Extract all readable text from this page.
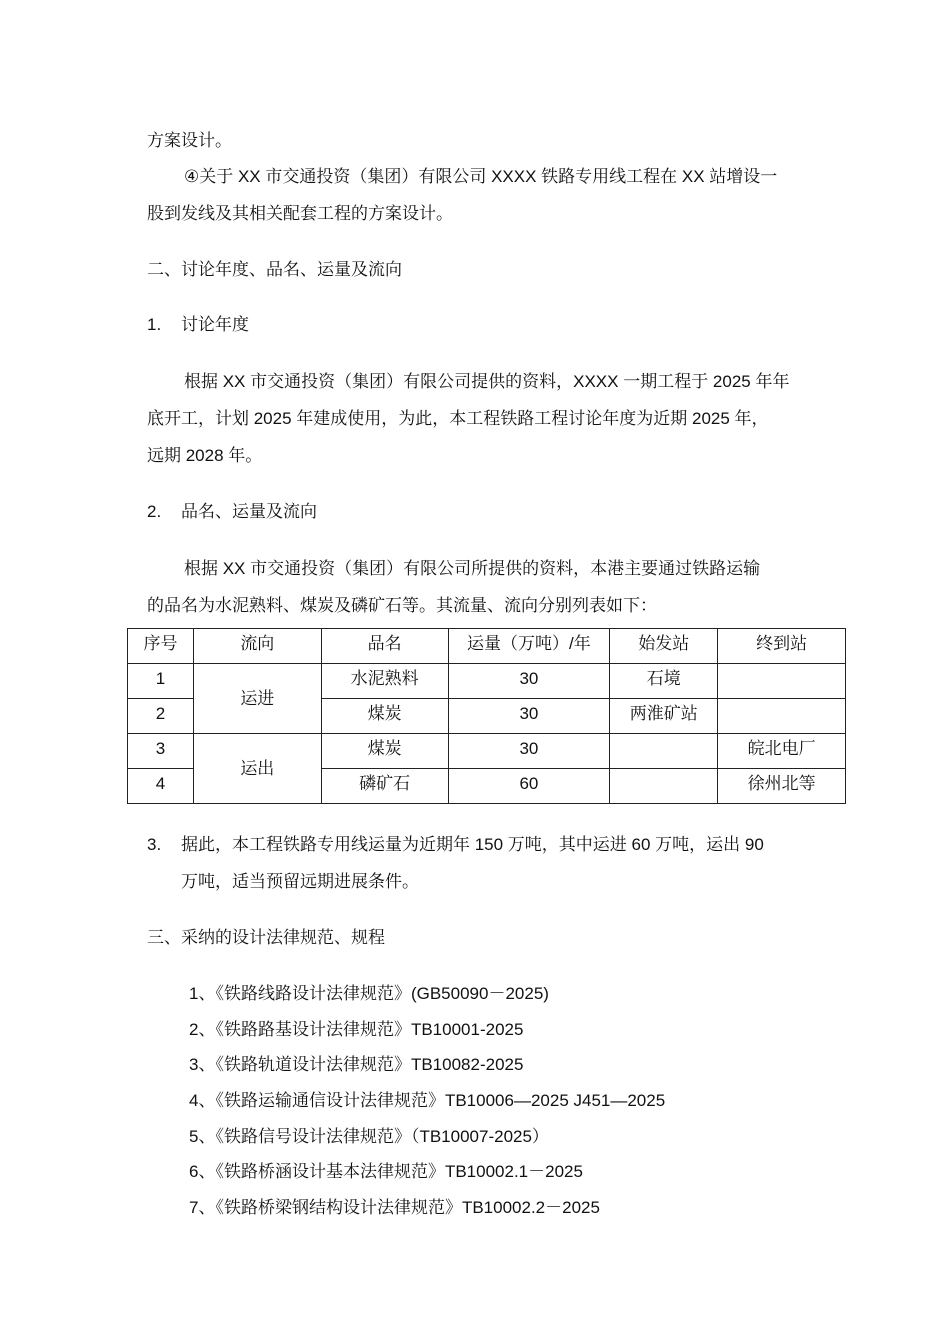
方案设计。
④关于 XX 市交通投资（集团）有限公司 XXXX 铁路专用线工程在 XX 站增设一
股到发线及其相关配套工程的方案设计。
二、讨论年度、品名、运量及流向
1. 讨论年度
根据 XX 市交通投资（集团）有限公司提供的资料，XXXX 一期工程于 2025 年年
底开工，计划 2025 年建成使用，为此，本工程铁路工程讨论年度为近期 2025 年，
远期 2028 年。
2. 品名、运量及流向
根据 XX 市交通投资（集团）有限公司所提供的资料，本港主要通过铁路运输
的品名为水泥熟料、煤炭及磷矿石等。其流量、流向分别列表如下：
序号	流向	品名	运量（万吨）/年	始发站	终到站
1	运进	水泥熟料	30	石境	
2		煤炭	30	两淮矿站	
3	运出	煤炭	30		皖北电厂
4		磷矿石	60		徐州北等
3. 据此，本工程铁路专用线运量为近期年 150 万吨，其中运进 60 万吨，运出 90
万吨，适当预留远期进展条件。
三、采纳的设计法律规范、规程
1、《铁路线路设计法律规范》(GB50090－2025)
2、《铁路路基设计法律规范》TB10001-2025
3、《铁路轨道设计法律规范》TB10082-2025
4、《铁路运输通信设计法律规范》TB10006—2025 J451—2025
5、《铁路信号设计法律规范》（TB10007-2025）
6、《铁路桥涵设计基本法律规范》TB10002.1－2025
7、《铁路桥梁钢结构设计法律规范》TB10002.2－2025
